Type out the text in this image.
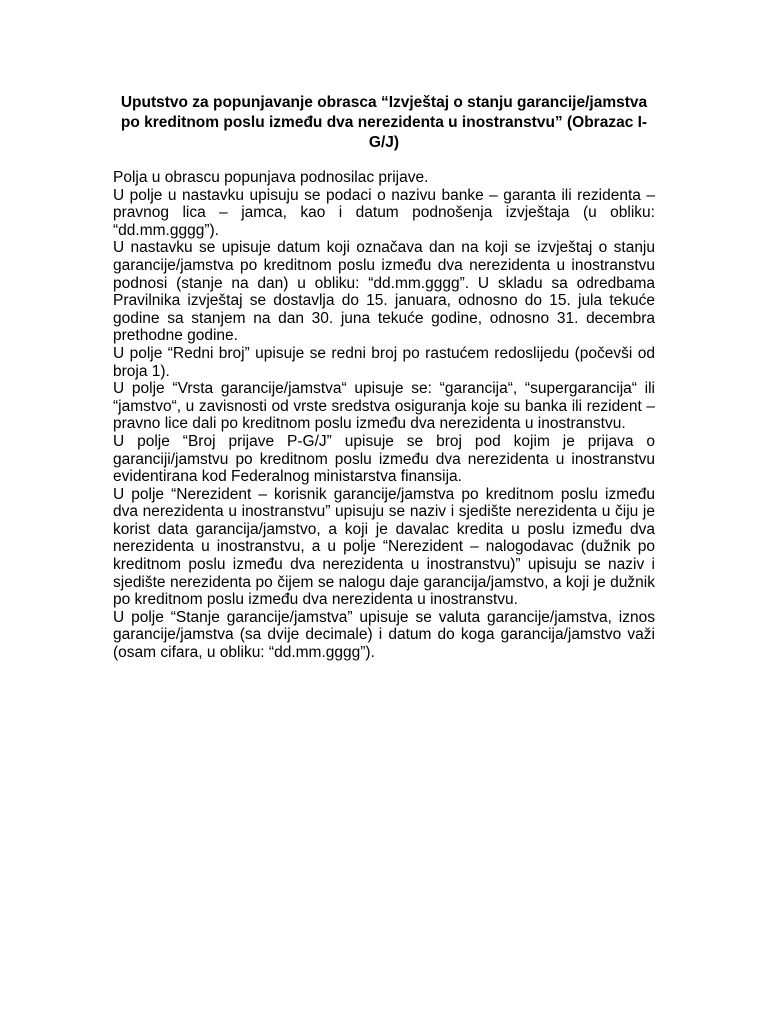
Uputstvo za popunjavanje obrasca “Izvještaj o stanju garancije/jamstva po kreditnom poslu između dva nerezidenta u inostranstvu” (Obrazac I-G/J)

Polja u obrascu popunjava podnosilac prijave.

U polje u nastavku upisuju se podaci o nazivu banke – garanta ili rezidenta – pravnog lica – jamca, kao i datum podnošenja izvještaja (u obliku: “dd.mm.gggg”).

U nastavku se upisuje datum koji označava dan na koji se izvještaj o stanju garancije/jamstva po kreditnom poslu između dva nerezidenta u inostranstvu podnosi (stanje na dan) u obliku: “dd.mm.gggg”. U skladu sa odredbama Pravilnika izvještaj se dostavlja do 15. januara, odnosno do 15. jula tekuće godine sa stanjem na dan 30. juna tekuće godine, odnosno 31. decembra prethodne godine.

U polje “Redni broj” upisuje se redni broj po rastućem redoslijedu (počevši od broja 1).

U polje “Vrsta garancije/jamstva“ upisuje se: “garancija“, “supergarancija“ ili “jamstvo“, u zavisnosti od vrste sredstva osiguranja koje su banka ili rezident – pravno lice dali po kreditnom poslu između dva nerezidenta u inostranstvu.

U polje “Broj prijave P-G/J” upisuje se broj pod kojim je prijava o garanciji/jamstvu po kreditnom poslu između dva nerezidenta u inostranstvu evidentirana kod Federalnog ministarstva finansija.

U polje “Nerezident – korisnik garancije/jamstva po kreditnom poslu između dva nerezidenta u inostranstvu” upisuju se naziv i sjedište nerezidenta u čiju je korist data garancija/jamstvo, a koji je davalac kredita u poslu između dva nerezidenta u inostranstvu, a u polje “Nerezident – nalogodavac (dužnik po kreditnom poslu između dva nerezidenta u inostranstvu)” upisuju se naziv i sjedište nerezidenta po čijem se nalogu daje garancija/jamstvo, a koji je dužnik po kreditnom poslu između dva nerezidenta u inostranstvu.

U polje “Stanje garancije/jamstva” upisuje se valuta garancije/jamstva, iznos garancije/jamstva (sa dvije decimale) i datum do koga garancija/jamstvo važi (osam cifara, u obliku: “dd.mm.gggg”).
